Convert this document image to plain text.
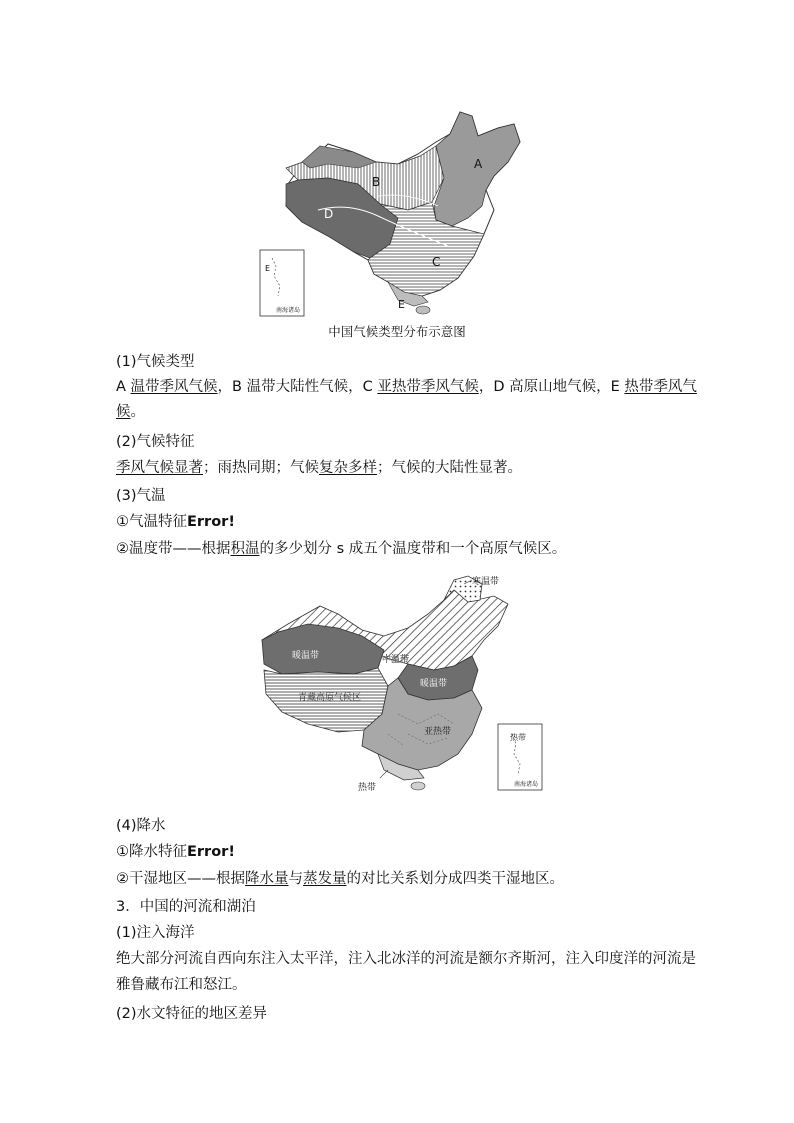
A
B
C
D
E
E
南海诸岛
中国气候类型分布示意图
(1)气候类型
A 温带季风气候，B 温带大陆性气候，C 亚热带季风气候，D 高原山地气候，E 热带季风气
候。
(2)气候特征
季风气候显著；雨热同期；气候复杂多样；气候的大陆性显著。
(3)气温
①气温特征Error!
②温度带——根据积温的多少划分 s 成五个温度带和一个高原气候区。
寒温带
中温带
暖温带
暖温带
青藏高原气候区
亚热带
热带
热带
南海诸岛
(4)降水
①降水特征Error!
②干湿地区——根据降水量与蒸发量的对比关系划分成四类干湿地区。
3．中国的河流和湖泊
(1)注入海洋
绝大部分河流自西向东注入太平洋，注入北冰洋的河流是额尔齐斯河，注入印度洋的河流是
雅鲁藏布江和怒江。
(2)水文特征的地区差异
